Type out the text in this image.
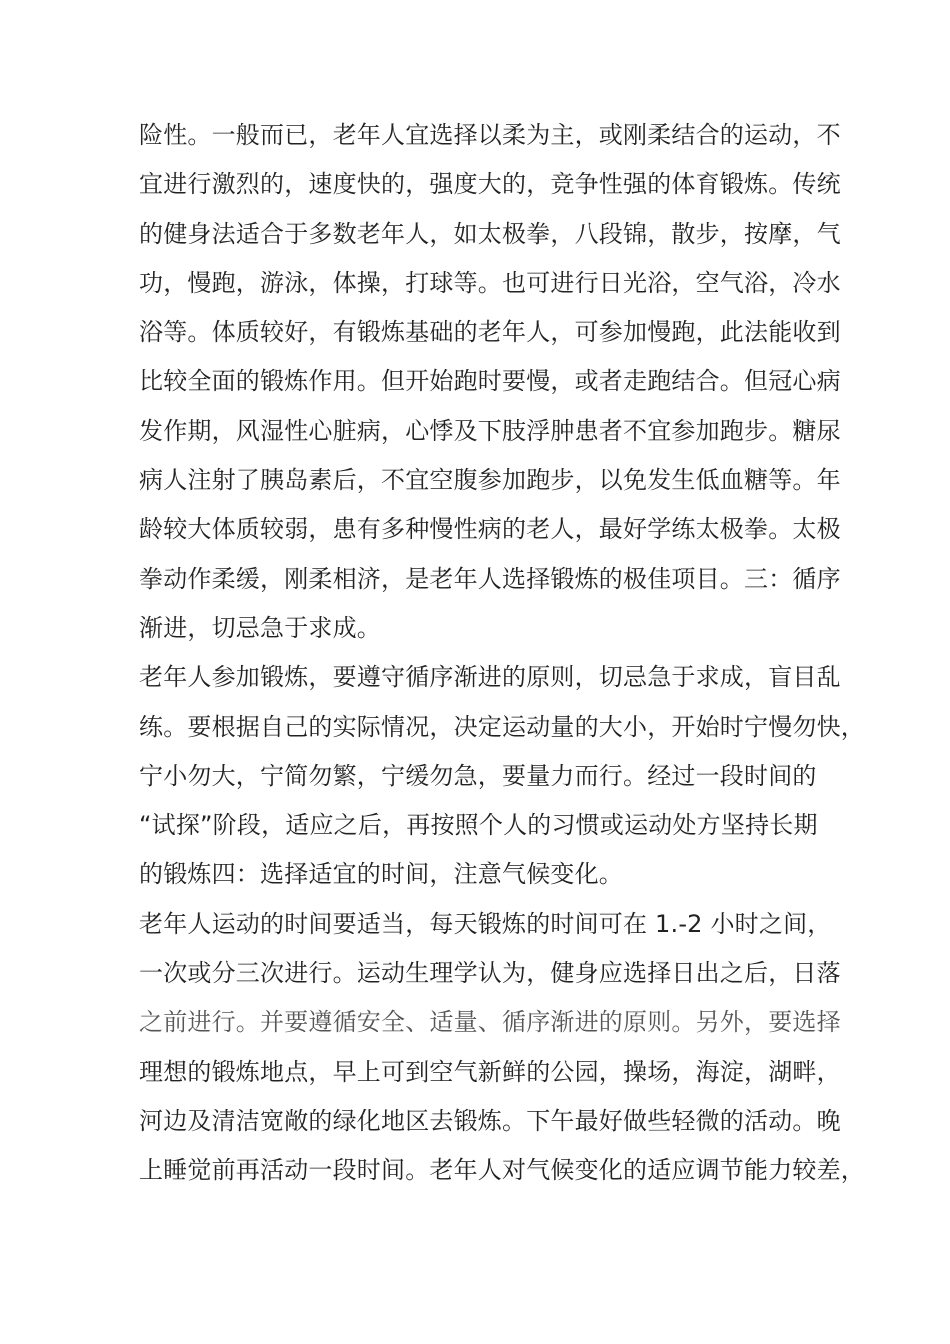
险性。一般而已，老年人宜选择以柔为主，或刚柔结合的运动，不
宜进行激烈的，速度快的，强度大的，竞争性强的体育锻炼。传统
的健身法适合于多数老年人，如太极拳，八段锦，散步，按摩，气
功，慢跑，游泳，体操，打球等。也可进行日光浴，空气浴，冷水
浴等。体质较好，有锻炼基础的老年人，可参加慢跑，此法能收到
比较全面的锻炼作用。但开始跑时要慢，或者走跑结合。但冠心病
发作期，风湿性心脏病，心悸及下肢浮肿患者不宜参加跑步。糖尿
病人注射了胰岛素后，不宜空腹参加跑步，以免发生低血糖等。年
龄较大体质较弱，患有多种慢性病的老人，最好学练太极拳。太极
拳动作柔缓，刚柔相济，是老年人选择锻炼的极佳项目。三：循序
渐进，切忌急于求成。
老年人参加锻炼，要遵守循序渐进的原则，切忌急于求成，盲目乱
练。要根据自己的实际情况，决定运动量的大小，开始时宁慢勿快，
宁小勿大，宁简勿繁，宁缓勿急，要量力而行。经过一段时间的
“试探”阶段，适应之后，再按照个人的习惯或运动处方坚持长期
的锻炼四：选择适宜的时间，注意气候变化。
老年人运动的时间要适当，每天锻炼的时间可在 1.-2 小时之间，
一次或分三次进行。运动生理学认为，健身应选择日出之后，日落
之前进行。并要遵循安全、适量、循序渐进的原则。另外，要选择
理想的锻炼地点，早上可到空气新鲜的公园，操场，海淀，湖畔，
河边及清洁宽敞的绿化地区去锻炼。下午最好做些轻微的活动。晚
上睡觉前再活动一段时间。老年人对气候变化的适应调节能力较差，
